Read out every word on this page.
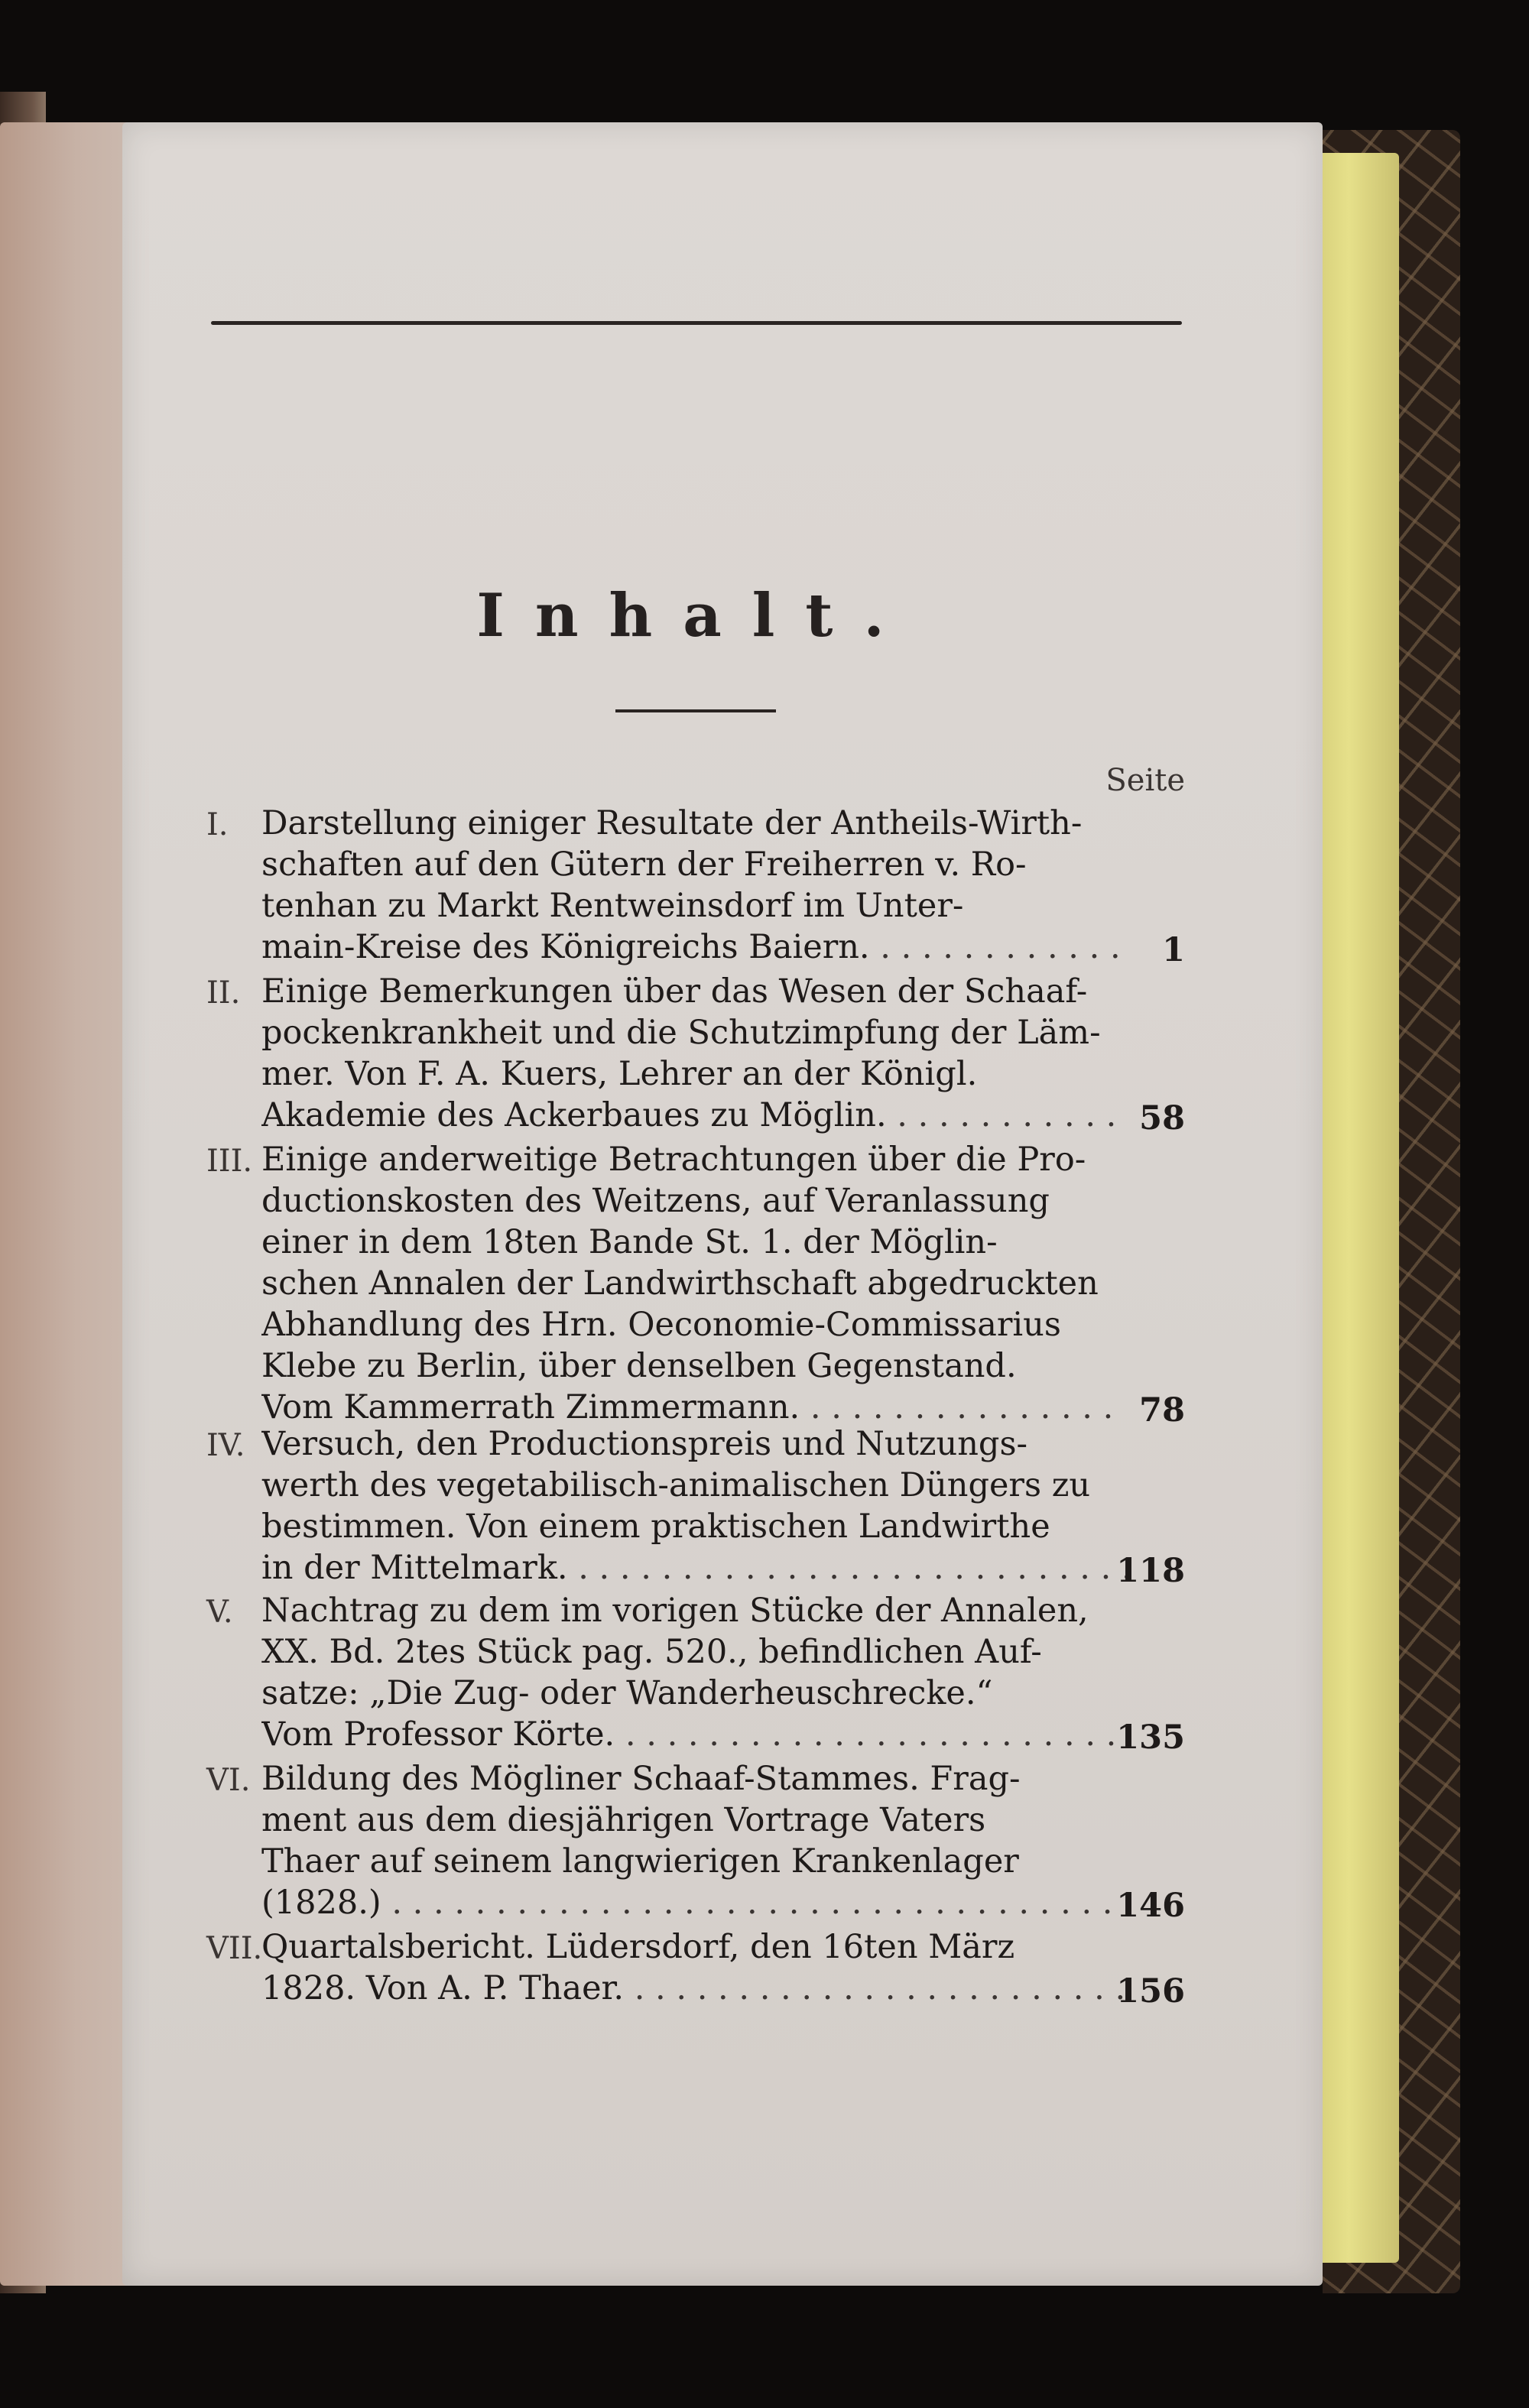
Inhalt.
Seite
I. Darstellung einiger Resultate der Antheils-Wirth-
schaften auf den Gütern der Freiherren v. Ro-
tenhan zu Markt Rentweinsdorf im Unter-
main-Kreise des Königreichs Baiern. . . .	1
II. Einige Bemerkungen über das Wesen der Schaaf-
pockenkrankheit und die Schutzimpfung der Läm-
mer. Von F. A. Kuers, Lehrer an der Königl.
Akademie des Ackerbaues zu Möglin. . . .	58
III. Einige anderweitige Betrachtungen über die Pro-
ductionskosten des Weitzens, auf Veranlassung
einer in dem 18ten Bande St. 1. der Möglin-
schen Annalen der Landwirthschaft abgedruckten
Abhandlung des Hrn. Oeconomie-Commissarius
Klebe zu Berlin, über denselben Gegenstand.
Vom Kammerrath Zimmermann. . . .	78
IV. Versuch, den Productionspreis und Nutzungs-
werth des vegetabilisch-animalischen Düngers zu
bestimmen. Von einem praktischen Landwirthe
in der Mittelmark. . . .	118
V. Nachtrag zu dem im vorigen Stücke der Annalen,
XX. Bd. 2tes Stück pag. 520., befindlichen Auf-
satze: „Die Zug- oder Wanderheuschrecke.“
Vom Professor Körte. . . .	135
VI. Bildung des Mögliner Schaaf-Stammes. Frag-
ment aus dem diesjährigen Vortrage Vaters
Thaer auf seinem langwierigen Krankenlager
(1828.) . . .	146
VII.
Quartalsbericht. Lüdersdorf, den 16ten März
1828. Von A. P. Thaer. . . .	156
